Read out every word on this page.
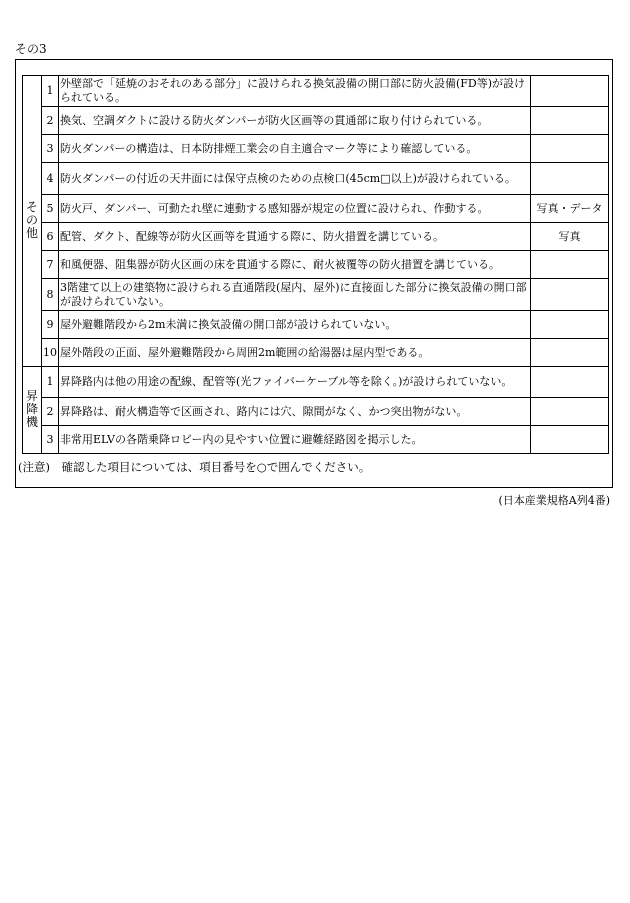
その3
その他	1	外壁部で「延焼のおそれのある部分」に設けられる換気設備の開口部に防火設備(FD等)が設けられている。	
	2	換気、空調ダクトに設ける防火ダンパーが防火区画等の貫通部に取り付けられている。	
	3	防火ダンパーの構造は、日本防排煙工業会の自主適合マーク等により確認している。	
	4	防火ダンパーの付近の天井面には保守点検のための点検口(45cm□以上)が設けられている。	
	5	防火戸、ダンパー、可動たれ壁に連動する感知器が規定の位置に設けられ、作動する。	写真・データ
	6	配管、ダクト、配線等が防火区画等を貫通する際に、防火措置を講じている。	写真
	7	和風便器、阻集器が防火区画の床を貫通する際に、耐火被覆等の防火措置を講じている。	
	8	3階建て以上の建築物に設けられる直通階段(屋内、屋外)に直接面した部分に換気設備の開口部が設けられていない。	
	9	屋外避難階段から2m未満に換気設備の開口部が設けられていない。	
	10	屋外階段の正面、屋外避難階段から周囲2m範囲の給湯器は屋内型である。	
昇降機	1	昇降路内は他の用途の配線、配管等(光ファイバーケーブル等を除く。)が設けられていない。	
	2	昇降路は、耐火構造等で区画され、路内には穴、隙間がなく、かつ突出物がない。	
	3	非常用ELVの各階乗降ロビー内の見やすい位置に避難経路図を掲示した。	
(注意)　確認した項目については、項目番号を○で囲んでください。
(日本産業規格A列4番)
